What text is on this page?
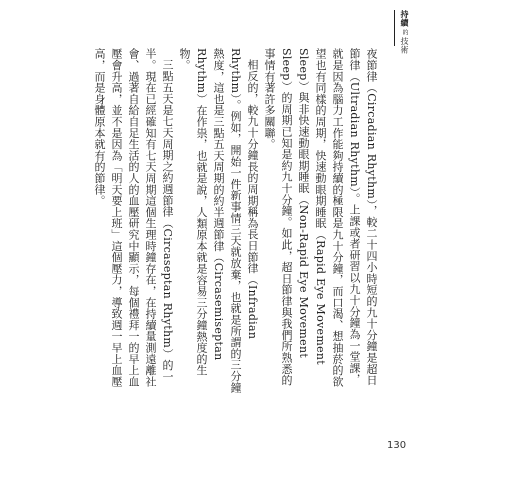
持續
的
技術

夜節律（Circadian Rhythm），較二十四小時短的九十分鐘是超日節律（Ultradian Rhythm）。上課或者研習以九十分鐘為一堂課，就是因為腦力工作能夠持續的極限是九十分鐘，而口渴、想抽菸的欲望也有同樣的周期，快速動眼期睡眠（Rapid Eye Movement Sleep）與非快速動眼期睡眠（Non-Rapid Eye Movement Sleep）的周期已知是約九十分鐘。如此，超日節律與我們所熟悉的事情有著許多關聯。

相反的，較九十分鐘長的周期稱為長日節律（Infradian Rhythm）。例如，開始一件新事情三天就放棄，也就是所謂的三分鐘熱度，這也是三點五天周期的約半週節律（Circasemiseptan Rhythm）在作祟，也就是說，人類原本就是容易三分鐘熱度的生物。

三點五天是七天周期之約週節律（Circaseptan Rhythm）的一半。現在已經確知有七天周期這個生理時鐘存在，在持續量測遠離社會、過著自給自足生活的人的血壓研究中顯示，每個禮拜一的早上血壓會升高，並不是因為「明天要上班」這個壓力，導致週一早上血壓高，而是身體原本就有的節律。

130
